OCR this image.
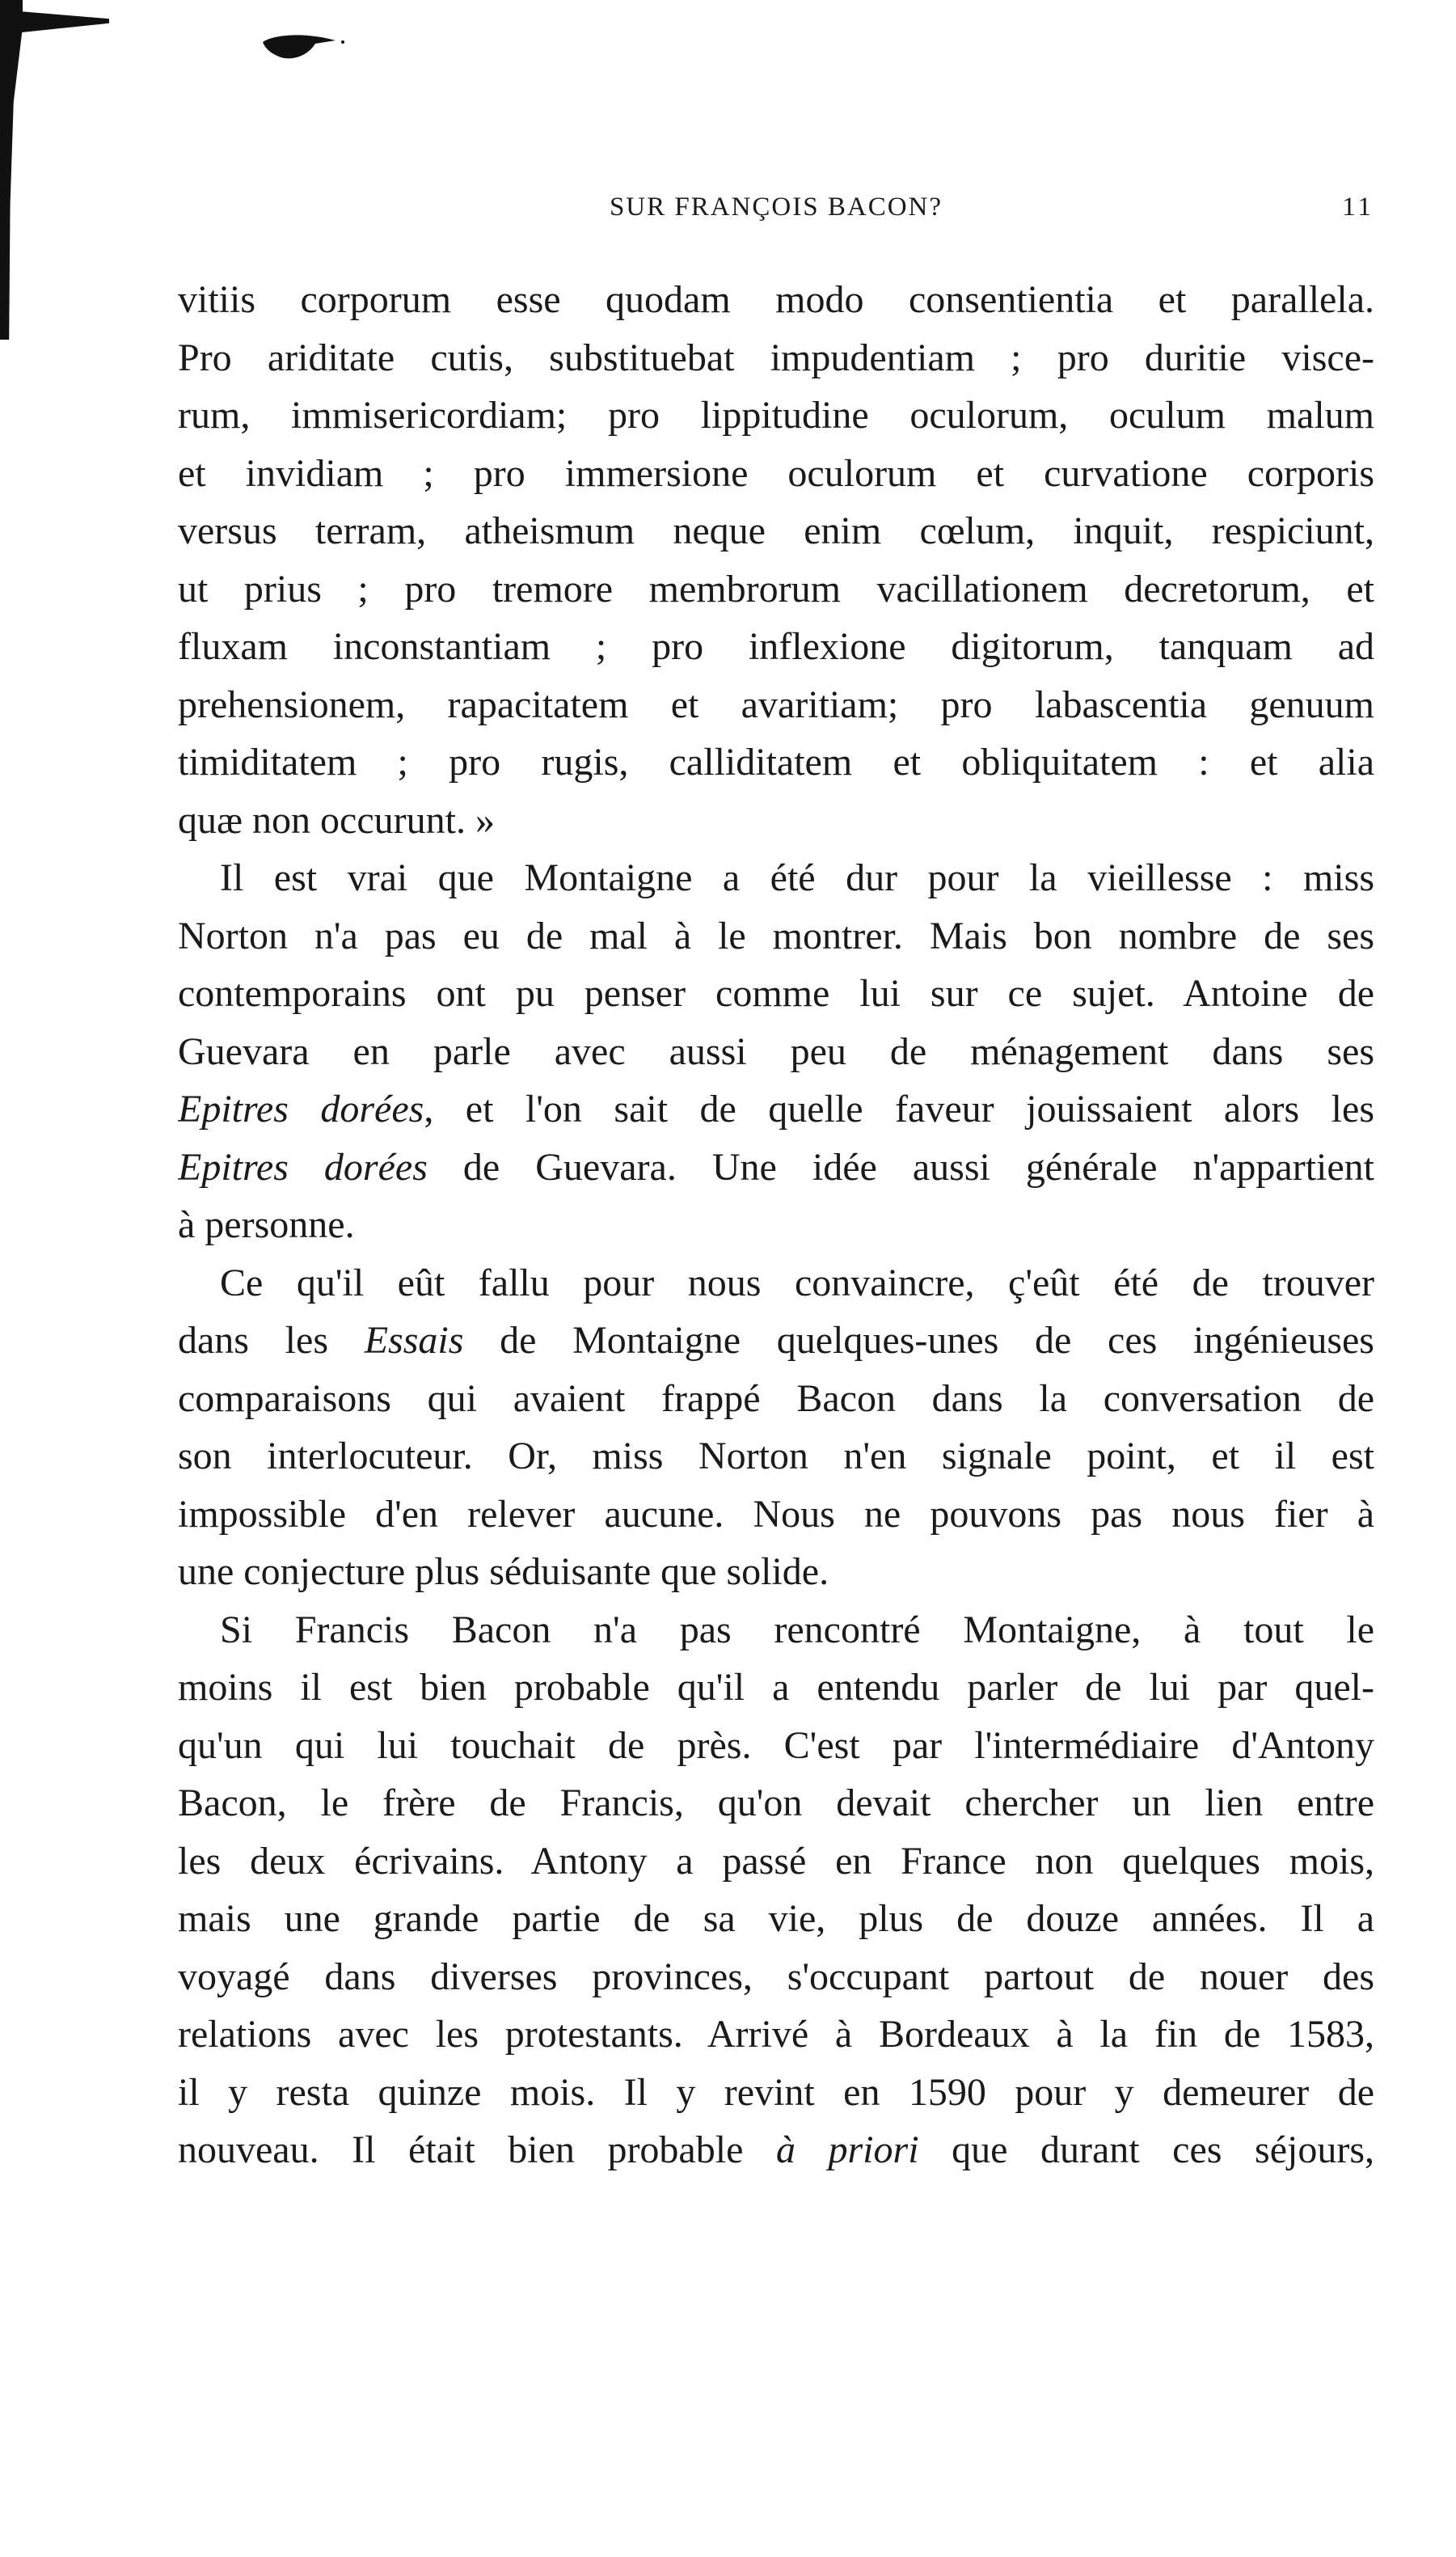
SUR FRANÇOIS BACON?	11
vitiis corporum esse quodam modo consentientia et parallela.
Pro ariditate cutis, substituebat impudentiam ; pro duritie visce-
rum, immisericordiam; pro lippitudine oculorum, oculum malum
et invidiam ; pro immersione oculorum et curvatione corporis
versus terram, atheismum neque enim cœlum, inquit, respiciunt,
ut prius ; pro tremore membrorum vacillationem decretorum, et
fluxam inconstantiam ; pro inflexione digitorum, tanquam ad
prehensionem, rapacitatem et avaritiam; pro labascentia genuum
timiditatem ; pro rugis, calliditatem et obliquitatem : et alia
quæ non occurunt. »
Il est vrai que Montaigne a été dur pour la vieillesse : miss
Norton n'a pas eu de mal à le montrer. Mais bon nombre de ses
contemporains ont pu penser comme lui sur ce sujet. Antoine de
Guevara en parle avec aussi peu de ménagement dans ses
Epitres dorées, et l'on sait de quelle faveur jouissaient alors les
Epitres dorées de Guevara. Une idée aussi générale n'appartient
à personne.
Ce qu'il eût fallu pour nous convaincre, ç'eût été de trouver
dans les Essais de Montaigne quelques-unes de ces ingénieuses
comparaisons qui avaient frappé Bacon dans la conversation de
son interlocuteur. Or, miss Norton n'en signale point, et il est
impossible d'en relever aucune. Nous ne pouvons pas nous fier à
une conjecture plus séduisante que solide.
Si Francis Bacon n'a pas rencontré Montaigne, à tout le
moins il est bien probable qu'il a entendu parler de lui par quel-
qu'un qui lui touchait de près. C'est par l'intermédiaire d'Antony
Bacon, le frère de Francis, qu'on devait chercher un lien entre
les deux écrivains. Antony a passé en France non quelques mois,
mais une grande partie de sa vie, plus de douze années. Il a
voyagé dans diverses provinces, s'occupant partout de nouer des
relations avec les protestants. Arrivé à Bordeaux à la fin de 1583,
il y resta quinze mois. Il y revint en 1590 pour y demeurer de
nouveau. Il était bien probable à priori que durant ces séjours,
